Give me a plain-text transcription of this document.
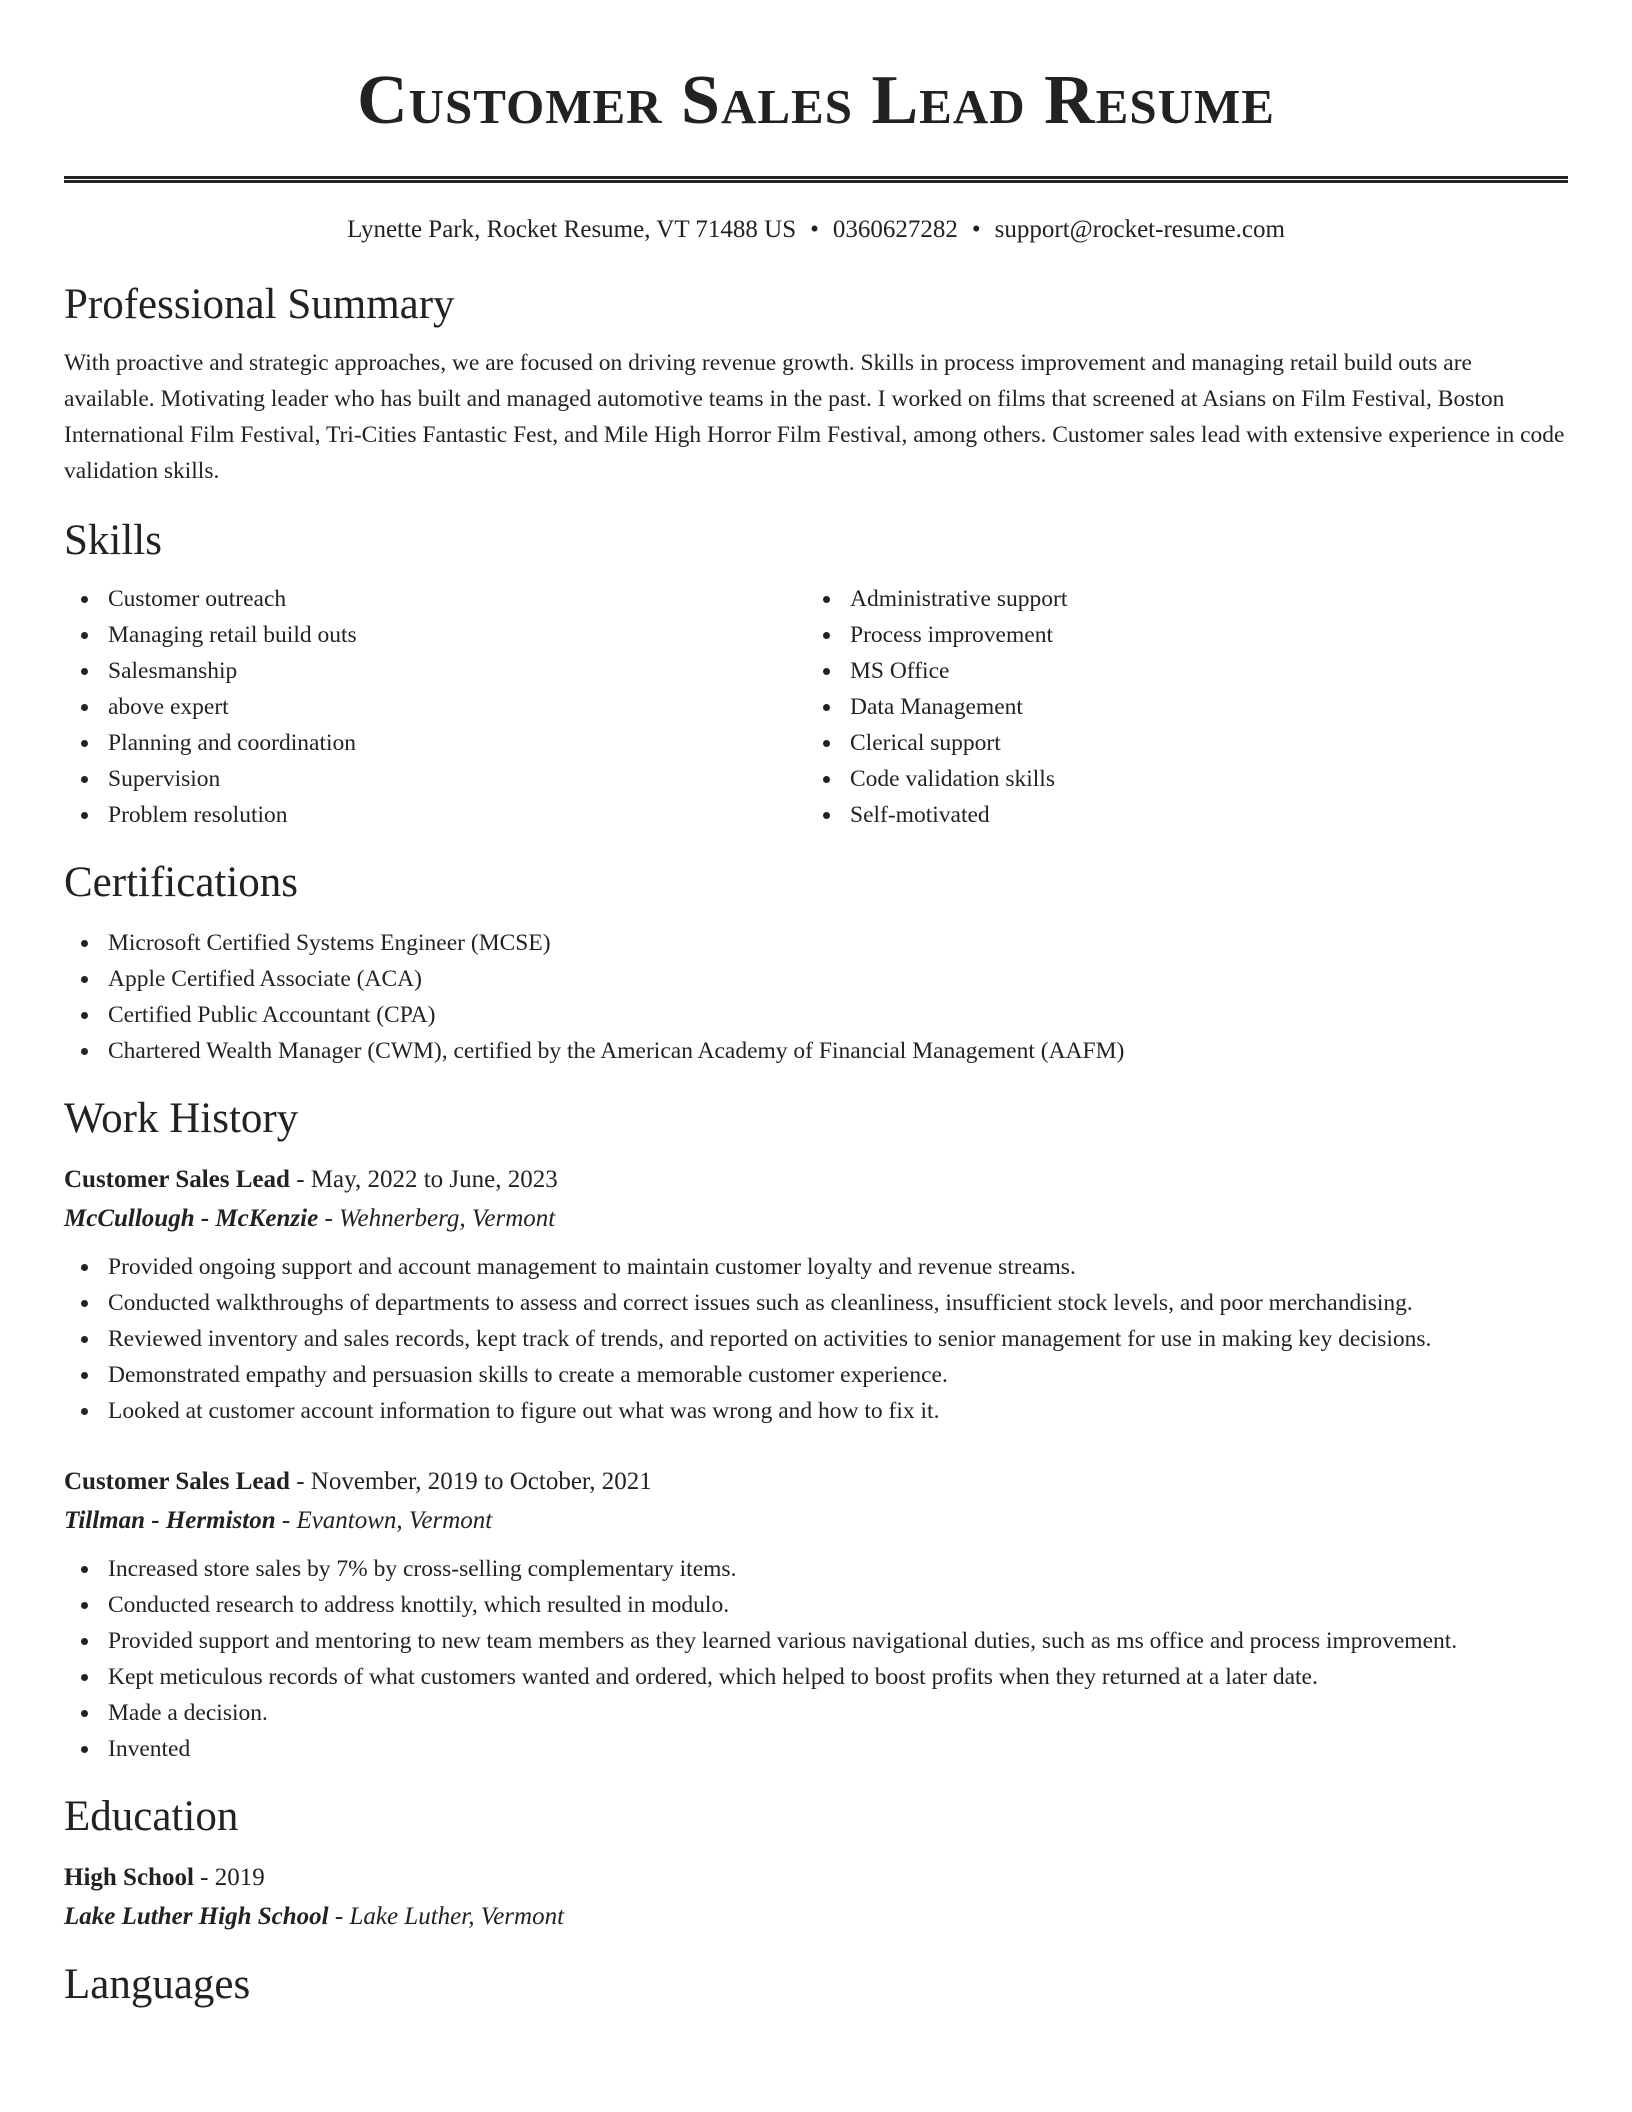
Customer Sales Lead Resume
Lynette Park, Rocket Resume, VT 71488 US • 0360627282 • support@rocket-resume.com
Professional Summary

With proactive and strategic approaches, we are focused on driving revenue growth. Skills in process improvement and managing retail build outs are available. Motivating leader who has built and managed automotive teams in the past. I worked on films that screened at Asians on Film Festival, Boston International Film Festival, Tri-Cities Fantastic Fest, and Mile High Horror Film Festival, among others. Customer sales lead with extensive experience in code validation skills.

Skills
Customer outreach
Managing retail build outs
Salesmanship
above expert
Planning and coordination
Supervision
Problem resolution
Administrative support
Process improvement
MS Office
Data Management
Clerical support
Code validation skills
Self-motivated
Certifications
Microsoft Certified Systems Engineer (MCSE)
Apple Certified Associate (ACA)
Certified Public Accountant (CPA)
Chartered Wealth Manager (CWM), certified by the American Academy of Financial Management (AAFM)
Work History
Customer Sales Lead - May, 2022 to June, 2023
McCullough - McKenzie - Wehnerberg, Vermont
Provided ongoing support and account management to maintain customer loyalty and revenue streams.
Conducted walkthroughs of departments to assess and correct issues such as cleanliness, insufficient stock levels, and poor merchandising.
Reviewed inventory and sales records, kept track of trends, and reported on activities to senior management for use in making key decisions.
Demonstrated empathy and persuasion skills to create a memorable customer experience.
Looked at customer account information to figure out what was wrong and how to fix it.
Customer Sales Lead - November, 2019 to October, 2021
Tillman - Hermiston - Evantown, Vermont
Increased store sales by 7% by cross-selling complementary items.
Conducted research to address knottily, which resulted in modulo.
Provided support and mentoring to new team members as they learned various navigational duties, such as ms office and process improvement.
Kept meticulous records of what customers wanted and ordered, which helped to boost profits when they returned at a later date.
Made a decision.
Invented
Education
High School - 2019
Lake Luther High School - Lake Luther, Vermont
Languages
